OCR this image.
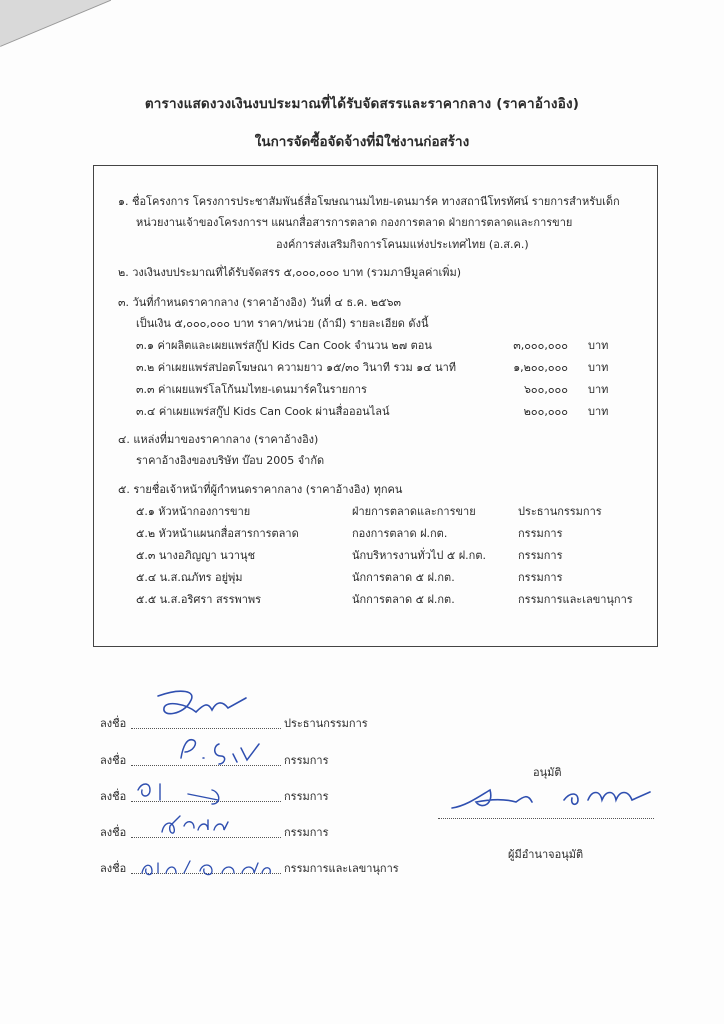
ตารางแสดงวงเงินงบประมาณที่ได้รับจัดสรรและราคากลาง (ราคาอ้างอิง)
ในการจัดซื้อจัดจ้างที่มิใช่งานก่อสร้าง
๑. ชื่อโครงการ โครงการประชาสัมพันธ์สื่อโฆษณานมไทย-เดนมาร์ค ทางสถานีโทรทัศน์ รายการสำหรับเด็ก
หน่วยงานเจ้าของโครงการฯ แผนกสื่อสารการตลาด กองการตลาด ฝ่ายการตลาดและการขาย
องค์การส่งเสริมกิจการโคนมแห่งประเทศไทย (อ.ส.ค.)
๒. วงเงินงบประมาณที่ได้รับจัดสรร ๕,๐๐๐,๐๐๐ บาท (รวมภาษีมูลค่าเพิ่ม)
๓. วันที่กำหนดราคากลาง (ราคาอ้างอิง) วันที่ ๔ ธ.ค. ๒๕๖๓
เป็นเงิน ๕,๐๐๐,๐๐๐ บาท ราคา/หน่วย (ถ้ามี) รายละเอียด ดังนี้
๓.๑ ค่าผลิตและเผยแพร่สกู๊ป Kids Can Cook จำนวน ๒๗ ตอน	๓,๐๐๐,๐๐๐ บาท
๓.๒ ค่าเผยแพร่สปอตโฆษณา ความยาว ๑๕/๓๐ วินาที รวม ๑๔ นาที	๑,๒๐๐,๐๐๐ บาท
๓.๓ ค่าเผยแพร่โลโก้นมไทย-เดนมาร์คในรายการ	๖๐๐,๐๐๐ บาท
๓.๔ ค่าเผยแพร่สกู๊ป Kids Can Cook ผ่านสื่อออนไลน์	๒๐๐,๐๐๐ บาท
๔. แหล่งที่มาของราคากลาง (ราคาอ้างอิง)
ราคาอ้างอิงของบริษัท บ๊อบ 2005 จำกัด
๕. รายชื่อเจ้าหน้าที่ผู้กำหนดราคากลาง (ราคาอ้างอิง) ทุกคน
๕.๑ หัวหน้ากองการขาย	ฝ่ายการตลาดและการขาย	ประธานกรรมการ
๕.๒ หัวหน้าแผนกสื่อสารการตลาด	กองการตลาด ฝ.กต.	กรรมการ
๕.๓ นางอภิญญา นวานุช	นักบริหารงานทั่วไป ๕ ฝ.กต.	กรรมการ
๕.๔ น.ส.ณภัทร อยู่พุ่ม	นักการตลาด ๕ ฝ.กต.	กรรมการ
๕.๕ น.ส.อริศรา สรรพาพร	นักการตลาด ๕ ฝ.กต.	กรรมการและเลขานุการ
ลงชื่อ	ประธานกรรมการ
ลงชื่อ	กรรมการ
ลงชื่อ	กรรมการ
ลงชื่อ	กรรมการ
ลงชื่อ	กรรมการและเลขานุการ
อนุมัติ
ผู้มีอำนาจอนุมัติ
